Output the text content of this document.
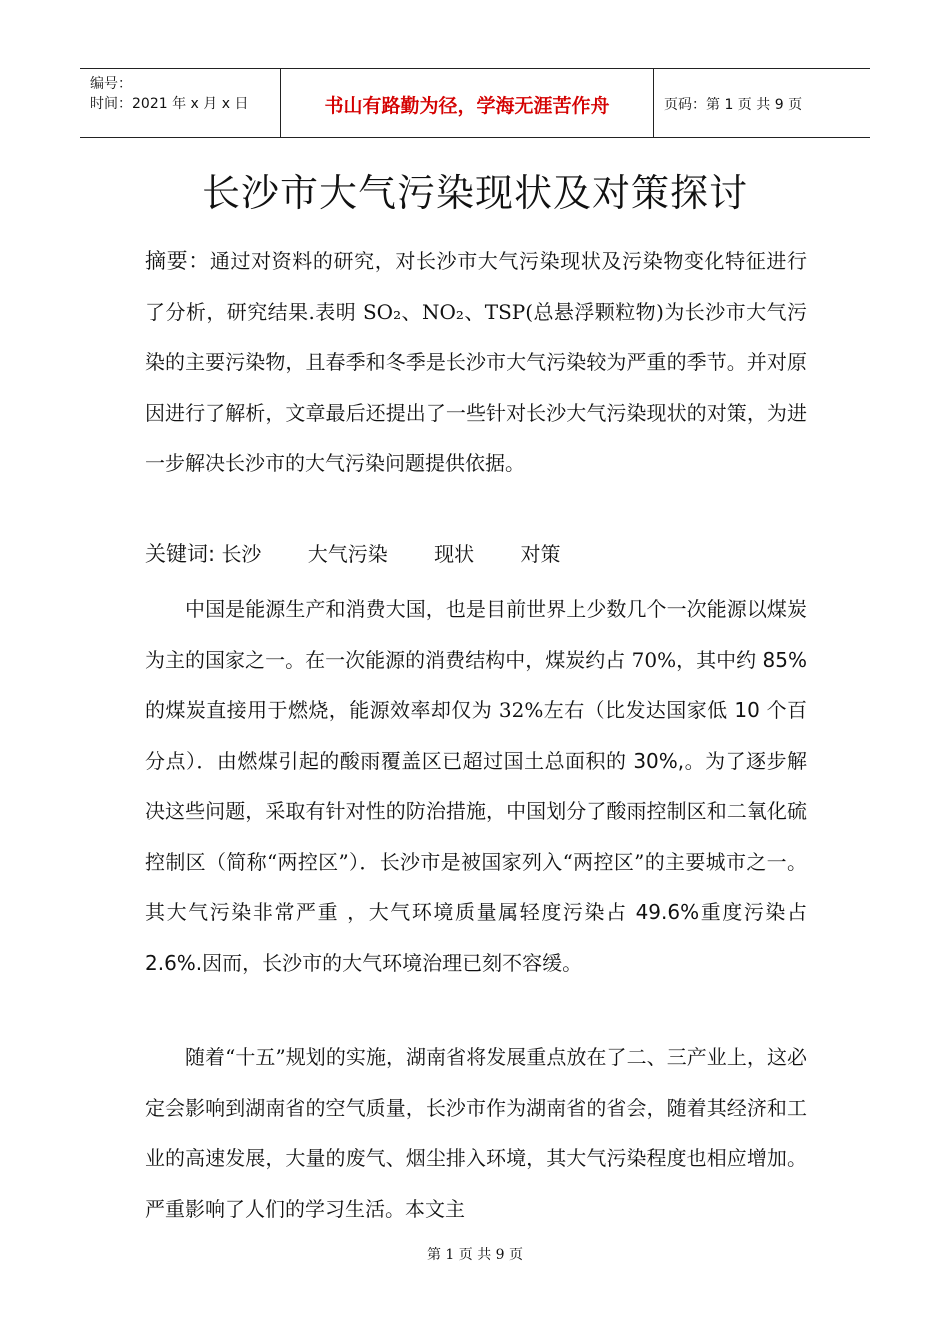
编号：
时间：2021 年 x 月 x 日	书山有路勤为径，学海无涯苦作舟	页码：第 1 页 共 9 页
长沙市大气污染现状及对策探讨

摘要：通过对资料的研究，对长沙市大气污染现状及污染物变化特征进行了分析，研究结果.表明 SO₂、NO₂、TSP(总悬浮颗粒物)为长沙市大气污染的主要污染物，且春季和冬季是长沙市大气污染较为严重的季节。并对原因进行了解析，文章最后还提出了一些针对长沙大气污染现状的对策，为进一步解决长沙市的大气污染问题提供依据。

关键词: 长沙 大气污染 现状 对策

中国是能源生产和消费大国，也是目前世界上少数几个一次能源以煤炭为主的国家之一。在一次能源的消费结构中，煤炭约占 70%，其中约 85%的煤炭直接用于燃烧，能源效率却仅为 32%左右（比发达国家低 10 个百分点）．由燃煤引起的酸雨覆盖区已超过国土总面积的 30%,。为了逐步解决这些问题，采取有针对性的防治措施，中国划分了酸雨控制区和二氧化硫控制区（简称“两控区”）．长沙市是被国家列入“两控区”的主要城市之一。其大气污染非常严重 ，大气环境质量属轻度污染占 49.6%重度污染占 2.6%.因而，长沙市的大气环境治理已刻不容缓。

随着“十五”规划的实施，湖南省将发展重点放在了二、三产业上，这必定会影响到湖南省的空气质量，长沙市作为湖南省的省会，随着其经济和工业的高速发展，大量的废气、烟尘排入环境，其大气污染程度也相应增加。严重影响了人们的学习生活。本文主

第 1 页 共 9 页
